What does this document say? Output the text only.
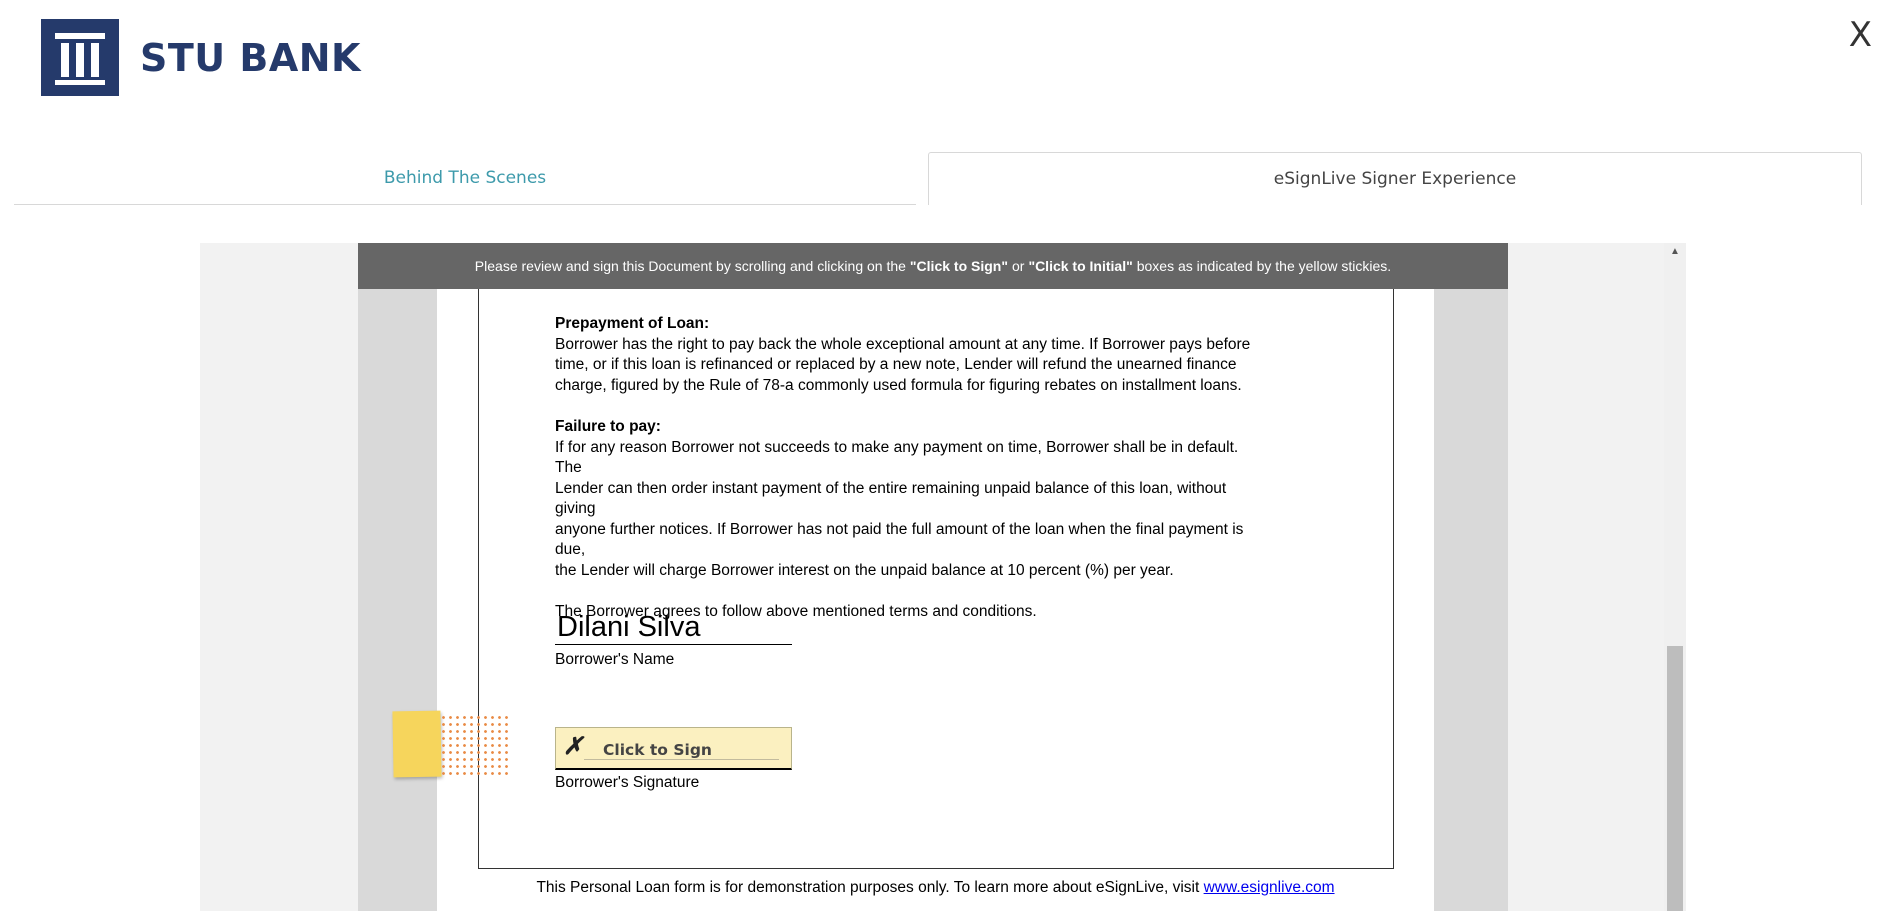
STU BANK
X
Behind The Scenes	eSignLive Signer Experience
Please review and sign this Document by scrolling and clicking on the "Click to Sign" or "Click to Initial" boxes as indicated by the yellow stickies.
Prepayment of Loan:

Borrower has the right to pay back the whole exceptional amount at any time. If Borrower pays before

time, or if this loan is refinanced or replaced by a new note, Lender will refund the unearned finance

charge, figured by the Rule of 78-a commonly used formula for figuring rebates on installment loans.

Failure to pay:

If for any reason Borrower not succeeds to make any payment on time, Borrower shall be in default. The

Lender can then order instant payment of the entire remaining unpaid balance of this loan, without giving

anyone further notices. If Borrower has not paid the full amount of the loan when the final payment is due,

the Lender will charge Borrower interest on the unpaid balance at 10 percent (%) per year.

The Borrower agrees to follow above mentioned terms and conditions.

Dilani Silva
Borrower's Name
✗ Click to Sign
Borrower's Signature
This Personal Loan form is for demonstration purposes only. To learn more about eSignLive, visit www.esignlive.com
▲
